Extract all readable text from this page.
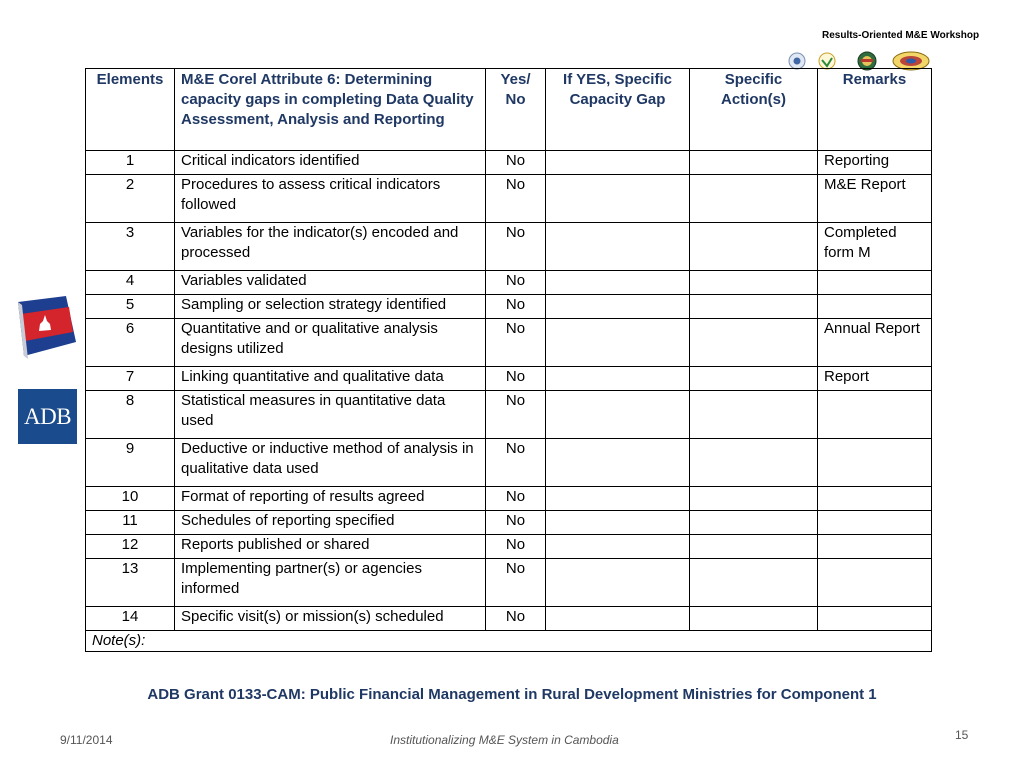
Results-Oriented M&E Workshop
ADB
Elements	M&E Corel Attribute 6: Determining capacity gaps in completing Data Quality Assessment, Analysis and Reporting	Yes/ No	If YES, Specific Capacity Gap	Specific Action(s)	Remarks
1	Critical indicators identified	No			Reporting
2	Procedures to assess critical indicators followed	No			M&E Report
3	Variables for the indicator(s) encoded and processed	No			Completed form M
4	Variables validated	No			
5	Sampling or selection strategy identified	No			
6	Quantitative and or qualitative analysis designs utilized	No			Annual Report
7	Linking quantitative and qualitative data	No			Report
8	Statistical measures in quantitative data used	No			
9	Deductive or inductive method of analysis in qualitative data used	No			
10	Format of reporting of results agreed	No			
11	Schedules of reporting specified	No			
12	Reports published or shared	No			
13	Implementing partner(s) or agencies informed	No			
14	Specific visit(s) or mission(s) scheduled	No			
Note(s):					
ADB Grant 0133-CAM: Public Financial Management in Rural Development Ministries for Component 1
9/11/2014	Institutionalizing M&E System in Cambodia	15
